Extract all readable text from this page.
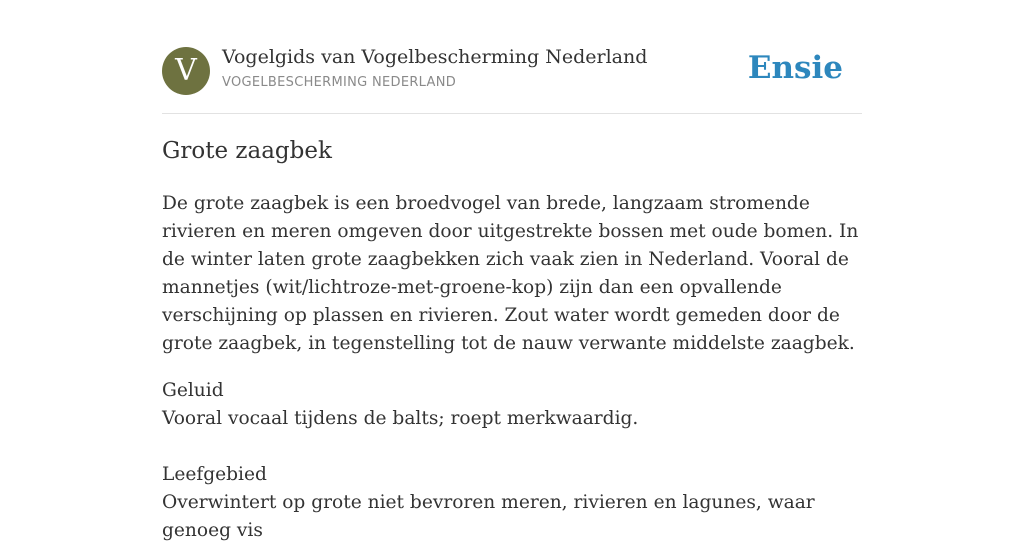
V	Vogelgids van Vogelbescherming Nederland
VOGELBESCHERMING NEDERLAND	Ensie
Grote zaagbek

De grote zaagbek is een broedvogel van brede, langzaam stromende rivieren en meren omgeven door uitgestrekte bossen met oude bomen. In de winter laten grote zaagbekken zich vaak zien in Nederland. Vooral de mannetjes (wit/lichtroze-met-groene-kop) zijn dan een opvallende verschijning op plassen en rivieren. Zout water wordt gemeden door de grote zaagbek, in tegenstelling tot de nauw verwante middelste zaagbek.

Geluid
Vooral vocaal tijdens de balts; roept merkwaardig.
Leefgebied
Overwintert op grote niet bevroren meren, rivieren en lagunes, waar genoeg vis
